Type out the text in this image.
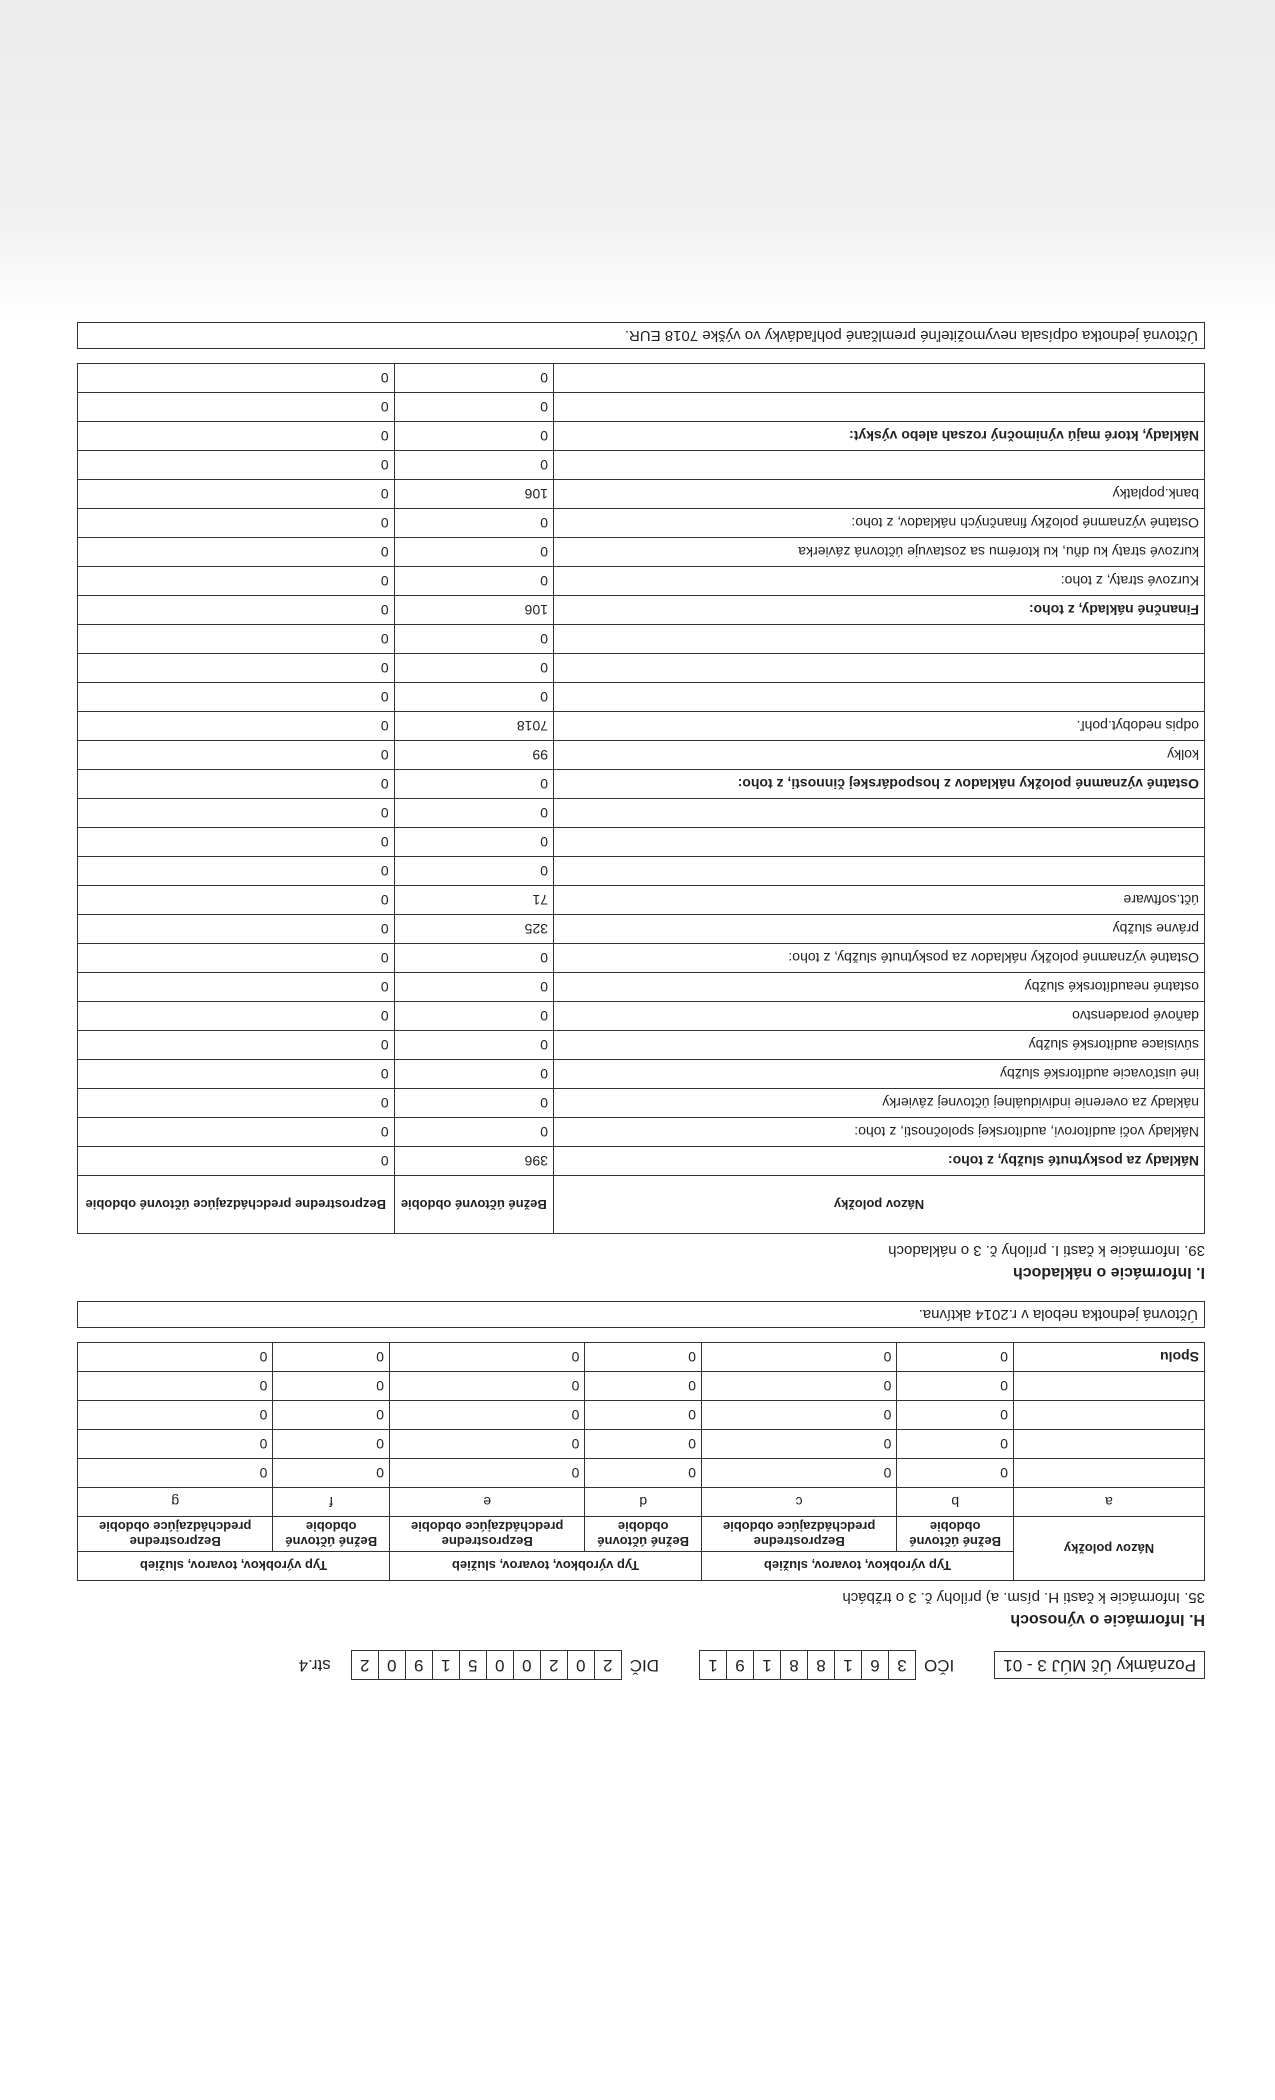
Poznámky Úč MÚJ 3 - 01
IČO
3
6
1
8
8
1
9
1
DIČ
2
0
2
0
0
5
1
9
0
2
str.4
H. Informácie o výnosoch
35. Informácie k časti H. písm. a) prílohy č. 3 o tržbách
Názov položky	Typ výrobkov, tovarov, služieb		Typ výrobkov, tovarov, služieb		Typ výrobkov, tovarov, služieb	
	Bežné účtovné obdobie	Bezprostredne predchádzajúce obdobie	Bežné účtovné obdobie	Bezprostredne predchádzajúce obdobie	Bežné účtovné obdobie	Bezprostredne predchádzajúce obdobie
a	b	c	d	e	f	g
	0	0	0	0	0	0
	0	0	0	0	0	0
	0	0	0	0	0	0
	0	0	0	0	0	0
Spolu	0	0	0	0	0	0
Účtovná jednotka nebola v r.2014 aktívna.
I. Informácie o nákladoch
39. Informácie k časti I. prílohy č. 3 o nákladoch
Názov položky	Bežné účtovné obdobie	Bezprostredne predchádzajúce účtovné obdobie
Náklady za poskytnuté služby, z toho:	396	0
Náklady voči audítorovi, audítorskej spoločnosti, z toho:	0	0
náklady za overenie individuálnej účtovnej závierky	0	0
iné uisťovacie audítorské služby	0	0
súvisiace audítorské služby	0	0
daňové poradenstvo	0	0
ostatné neaudítorské služby	0	0
Ostatné významné položky nákladov za poskytnuté služby, z toho:	0	0
právne služby	325	0
účt.software	71	0
	0	0
	0	0
	0	0
Ostatné významné položky nákladov z hospodárskej činnosti, z toho:	0	0
kolky	99	0
odpis nedobyt.pohľ.	7018	0
	0	0
	0	0
	0	0
Finančné náklady, z toho:	106	0
Kurzové straty, z toho:	0	0
kurzové straty ku dňu, ku ktorému sa zostavuje účtovná závierka	0	0
Ostatné významné položky finančných nákladov, z toho:	0	0
bank.poplatky	106	0
	0	0
Náklady, ktoré majú výnimočný rozsah alebo výskyt:	0	0
	0	0
	0	0
Účtovná jednotka odpísala nevymožiteľné premlčané pohľadávky vo výške 7018 EUR.
